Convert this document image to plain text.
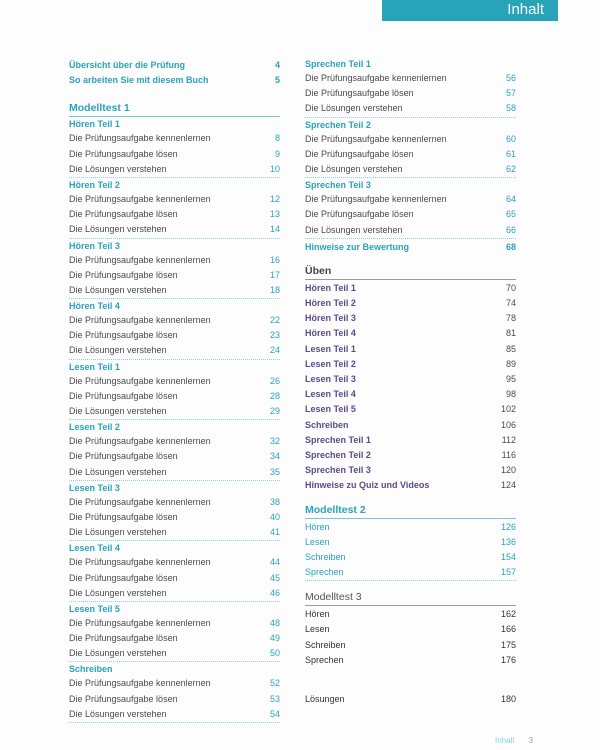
Inhalt
Übersicht über die Prüfung	4
So arbeiten Sie mit diesem Buch	5
Modelltest 1
Hören Teil 1
Die Prüfungsaufgabe kennenlernen	8
Die Prüfungsaufgabe lösen	9
Die Lösungen verstehen	10
Hören Teil 2
Die Prüfungsaufgabe kennenlernen	12
Die Prüfungsaufgabe lösen	13
Die Lösungen verstehen	14
Hören Teil 3
Die Prüfungsaufgabe kennenlernen	16
Die Prüfungsaufgabe lösen	17
Die Lösungen verstehen	18
Hören Teil 4
Die Prüfungsaufgabe kennenlernen	22
Die Prüfungsaufgabe lösen	23
Die Lösungen verstehen	24
Lesen Teil 1
Die Prüfungsaufgabe kennenlernen	26
Die Prüfungsaufgabe lösen	28
Die Lösungen verstehen	29
Lesen Teil 2
Die Prüfungsaufgabe kennenlernen	32
Die Prüfungsaufgabe lösen	34
Die Lösungen verstehen	35
Lesen Teil 3
Die Prüfungsaufgabe kennenlernen	38
Die Prüfungsaufgabe lösen	40
Die Lösungen verstehen	41
Lesen Teil 4
Die Prüfungsaufgabe kennenlernen	44
Die Prüfungsaufgabe lösen	45
Die Lösungen verstehen	46
Lesen Teil 5
Die Prüfungsaufgabe kennenlernen	48
Die Prüfungsaufgabe lösen	49
Die Lösungen verstehen	50
Schreiben
Die Prüfungsaufgabe kennenlernen	52
Die Prüfungsaufgabe lösen	53
Die Lösungen verstehen	54
Sprechen Teil 1
Die Prüfungsaufgabe kennenlernen	56
Die Prüfungsaufgabe lösen	57
Die Lösungen verstehen	58
Sprechen Teil 2
Die Prüfungsaufgabe kennenlernen	60
Die Prüfungsaufgabe lösen	61
Die Lösungen verstehen	62
Sprechen Teil 3
Die Prüfungsaufgabe kennenlernen	64
Die Prüfungsaufgabe lösen	65
Die Lösungen verstehen	66
Hinweise zur Bewertung	68
Üben
Hören Teil 1	70
Hören Teil 2	74
Hören Teil 3	78
Hören Teil 4	81
Lesen Teil 1	85
Lesen Teil 2	89
Lesen Teil 3	95
Lesen Teil 4	98
Lesen Teil 5	102
Schreiben	106
Sprechen Teil 1	112
Sprechen Teil 2	116
Sprechen Teil 3	120
Hinweise zu Quiz und Videos	124
Modelltest 2
Hören	126
Lesen	136
Schreiben	154
Sprechen	157
Modelltest 3
Hören	162
Lesen	166
Schreiben	175
Sprechen	176
Lösungen	180
Inhalt 3
